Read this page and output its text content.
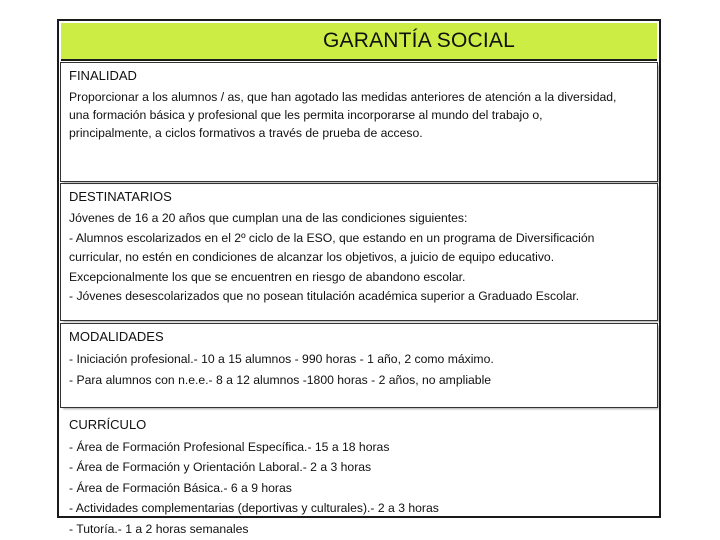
GARANTÍA SOCIAL
FINALIDAD
Proporcionar a los alumnos / as, que han agotado las medidas anteriores de atención a la diversidad,
una formación básica y profesional que les permita incorporarse al mundo del trabajo o,
principalmente, a ciclos formativos a través de prueba de acceso.
DESTINATARIOS
Jóvenes de 16 a 20 años que cumplan una de las condiciones siguientes:
- Alumnos escolarizados en el 2º ciclo de la ESO, que estando en un programa de Diversificación
curricular, no estén en condiciones de alcanzar los objetivos, a juicio de equipo educativo.
Excepcionalmente los que se encuentren en riesgo de abandono escolar.
- Jóvenes desescolarizados que no posean titulación académica superior a Graduado Escolar.
MODALIDADES
- Iniciación profesional.- 10 a 15 alumnos - 990 horas - 1 año, 2 como máximo.
- Para alumnos con n.e.e.- 8 a 12 alumnos -1800 horas - 2 años, no ampliable
CURRÍCULO
- Área de Formación Profesional Específica.- 15 a 18 horas
- Área de Formación y Orientación Laboral.- 2 a 3 horas
- Área de Formación Básica.- 6 a 9 horas
- Actividades complementarias (deportivas y culturales).- 2 a 3 horas
- Tutoría.- 1 a 2 horas semanales
